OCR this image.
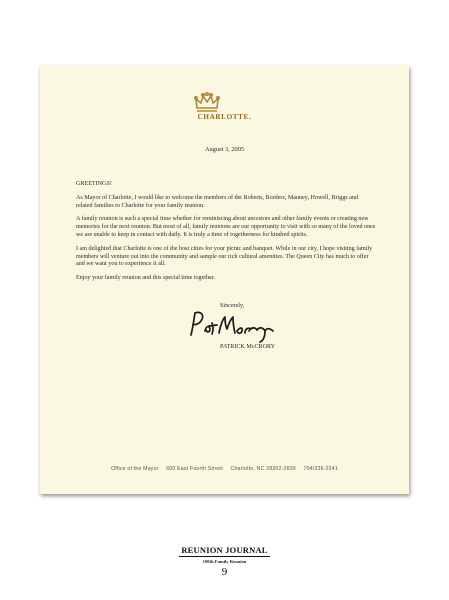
CHARLOTTE.
August 3, 2005

GREETINGS!

As Mayor of Charlotte, I would like to welcome the members of the Roberts, Borders, Mauney, Howell, Briggs and related families to Charlotte for your family reunion.

A family reunion is such a special time whether for reminiscing about ancestors and other family events or creating new memories for the next reunion. But most of all, family reunions are our opportunity to visit with so many of the loved ones we are unable to keep in contact with daily. It is truly a time of togetherness for kindred spirits.

I am delighted that Charlotte is one of the host cities for your picnic and banquet. While in our city, I hope visiting family members will venture out into the community and sample our rich cultural amenities. The Queen City has much to offer and we want you to experience it all.

Enjoy your family reunion and this special time together.

Sincerely,
PATRICK McCRORY
Office of the Mayor 600 East Fourth Street Charlotte, NC 28202-2839 704/336-2241
REUNION JOURNAL
100th Family Reunion
9
